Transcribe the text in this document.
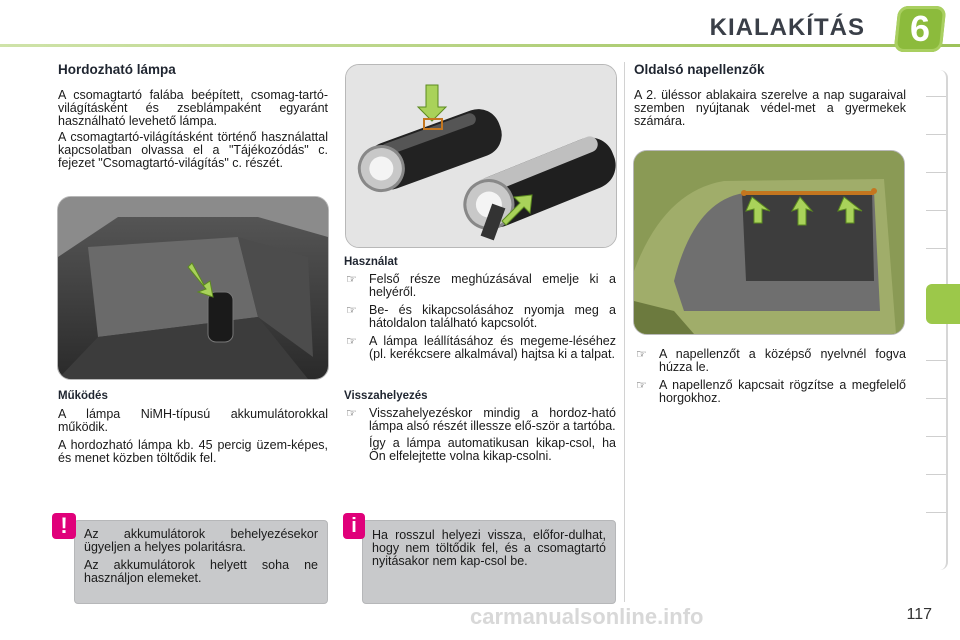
KIALAKÍTÁS	6
Hordozható lámpa

A csomagtartó falába beépített, csomag-tartó-világításként és zseblámpaként egyaránt használható levehető lámpa.

A csomagtartó-világításként történő használattal kapcsolatban olvassa el a "Tájékozódás" c. fejezet "Csomagtartó-világítás" c. részét.

Működés

A lámpa NiMH-típusú akkumulátorokkal működik.

A hordozható lámpa kb. 45 percig üzem-képes, és menet közben töltődik fel.

Az akkumulátorok behelyezésekor ügyeljen a helyes polaritásra.

Az akkumulátorok helyett soha ne használjon elemeket.

!
Használat
☞ Felső része meghúzásával emelje ki a helyéről.
☞ Be- és kikapcsolásához nyomja meg a hátoldalon található kapcsolót.
☞ A lámpa leállításához és megeme-léséhez (pl. kerékcsere alkalmával) hajtsa ki a talpat.
Visszahelyezés
☞ Visszahelyezéskor mindig a hordoz-ható lámpa alsó részét illessze elő-ször a tartóba.

Így a lámpa automatikusan kikap-csol, ha Ön elfelejtette volna kikap-csolni.

Ha rosszul helyezi vissza, előfor-dulhat, hogy nem töltődik fel, és a csomagtartó nyitásakor nem kap-csol be.

i
Oldalsó napellenzők

A 2. üléssor ablakaira szerelve a nap sugaraival szemben nyújtanak védel-met a gyermekek számára.

☞ A napellenzőt a középső nyelvnél fogva húzza le.
☞ A napellenző kapcsait rögzítse a megfelelő horgokhoz.
carmanualsonline.info	117
